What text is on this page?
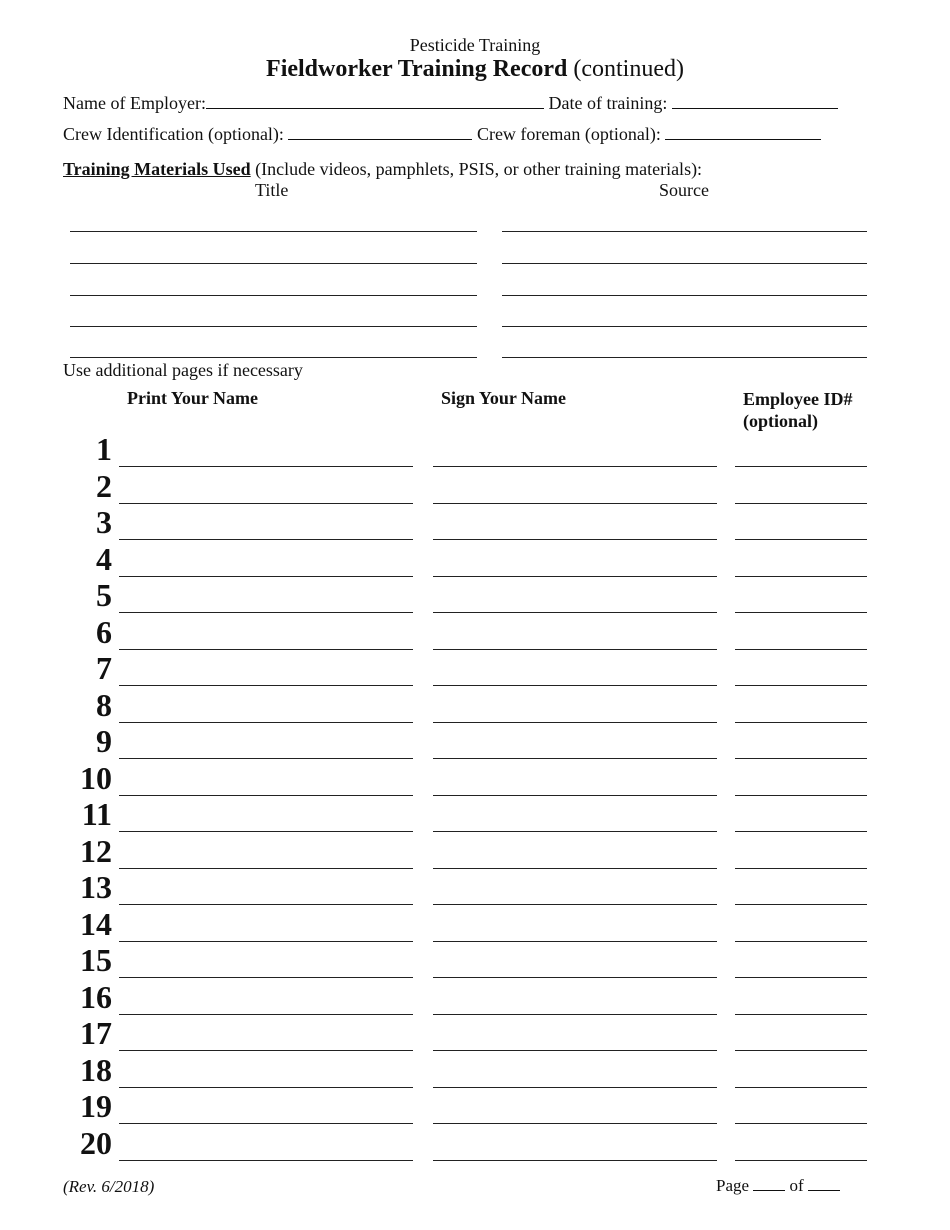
Pesticide Training
Fieldworker Training Record (continued)
Name of Employer:	Date of training:
Crew Identification (optional):	Crew foreman (optional):
Training Materials Used (Include videos, pamphlets, PSIS, or other training materials):
Title	Source
Use additional pages if necessary
Print Your Name	Sign Your Name	Employee ID#
(optional)
1
2
3
4
5
6
7
8
9
10
11
12
13
14
15
16
17
18
19
20
(Rev. 6/2018)	Page of
